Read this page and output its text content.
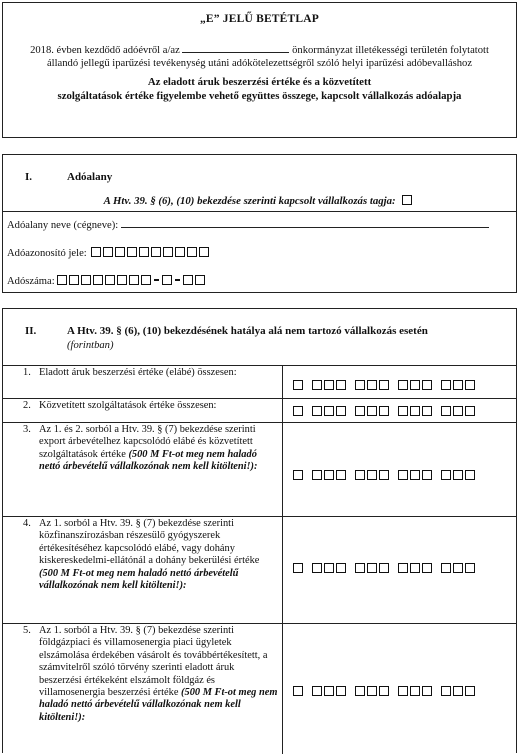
„E” JELŰ BETÉTLAP
2018. évben kezdődő adóévről a/az	önkormányzat illetékességi területén folytatott állandó jellegű iparűzési tevékenység utáni adókötelezettségről szóló helyi iparűzési adóbevalláshoz
Az eladott áruk beszerzési értéke és a közvetített
szolgáltatások értéke figyelembe vehető együttes összege, kapcsolt vállalkozás adóalapja
I.	Adóalany
A Htv. 39. § (6), (10) bekezdése szerinti kapcsolt vállalkozás tagja:
Adóalany neve (cégneve):
Adóazonosító jele:
Adószáma:
II.	A Htv. 39. § (6), (10) bekezdésének hatálya alá nem tartozó vállalkozás esetén
(forintban)
1. Eladott áruk beszerzési értéke (elábé) összesen:
2. Közvetített szolgáltatások értéke összesen:
3. Az 1. és 2. sorból a Htv. 39. § (7) bekezdése szerinti export árbevételhez kapcsolódó elábé és közvetített szolgáltatások értéke (500 M Ft-ot meg nem haladó nettó árbevételű vállalkozónak nem kell kitölteni!):
4. Az 1. sorból a Htv. 39. § (7) bekezdése szerinti közfinanszírozásban részesülő gyógyszerek értékesítéséhez kapcsolódó elábé, vagy dohány kiskereskedelmi-ellátónál a dohány bekerülési értéke (500 M Ft-ot meg nem haladó nettó árbevételű vállalkozónak nem kell kitölteni!):
5. Az 1. sorból a Htv. 39. § (7) bekezdése szerinti földgázpiaci és villamosenergia piaci ügyletek elszámolása érdekében vásárolt és továbbértékesített, a számvitelről szóló törvény szerinti eladott áruk beszerzési értékeként elszámolt földgáz és villamosenergia beszerzési értéke (500 M Ft-ot meg nem haladó nettó árbevételű vállalkozónak nem kell kitölteni!):
